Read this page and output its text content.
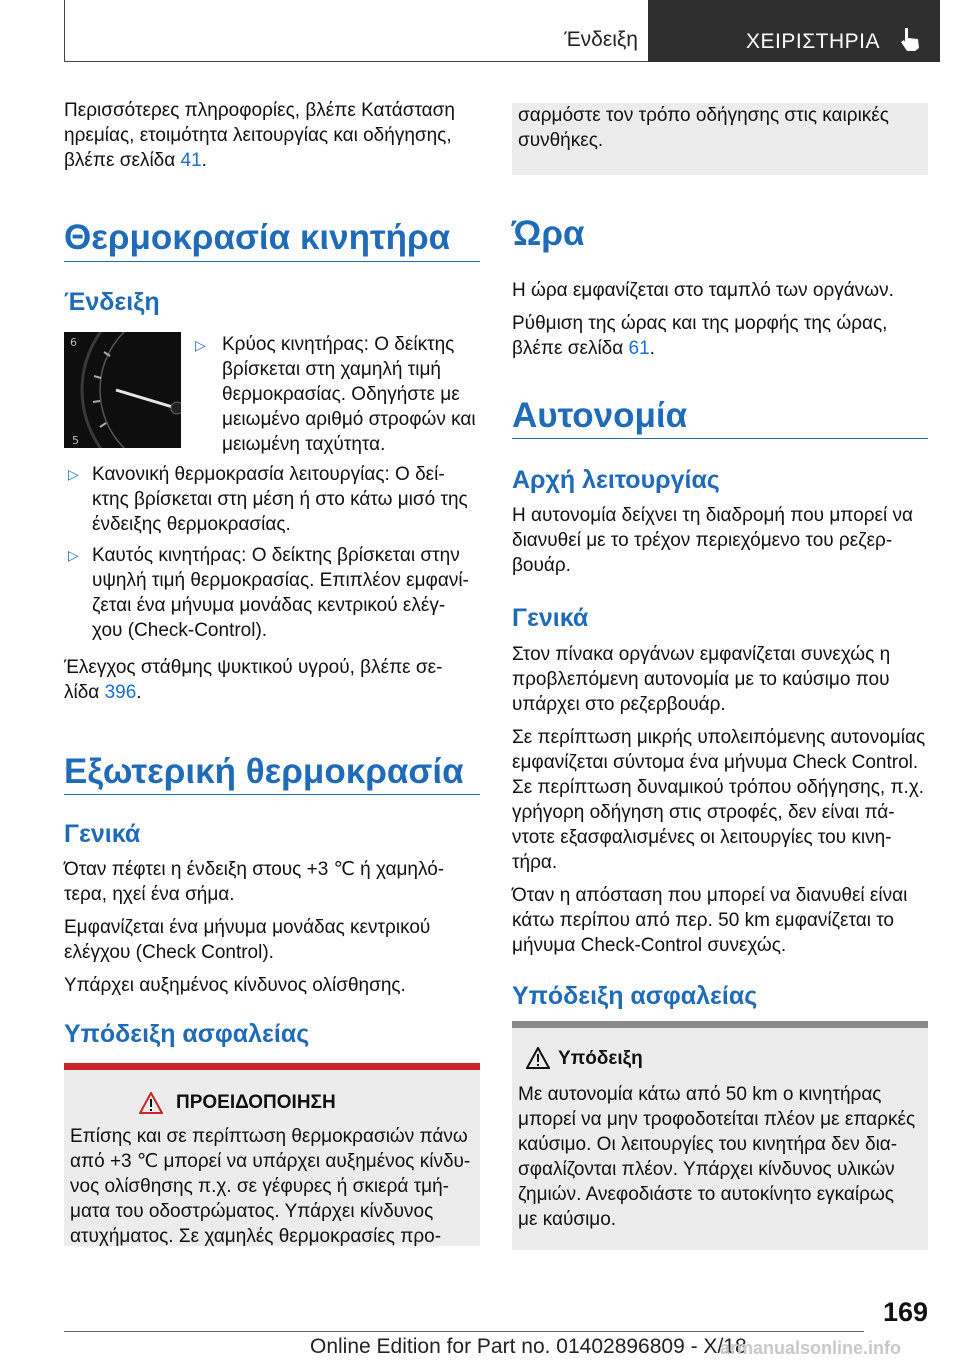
Ένδειξη	ΧΕΙΡΙΣΤΗΡΙΑ

Περισσότερες πληροφορίες, βλέπε Κατάσταση

ηρεμίας, ετοιμότητα λειτουργίας και οδήγησης,

βλέπε σελίδα 41.

Θερμοκρασία κινητήρα
Ένδειξη
6
5
▷ Κρύος κινητήρας: Ο δείκτης

βρίσκεται στη χαμηλή τιμή

θερμοκρασίας. Οδηγήστε με

μειωμένο αριθμό στροφών και

μειωμένη ταχύτητα.

▷ Κανονική θερμοκρασία λειτουργίας: Ο δεί-

κτης βρίσκεται στη μέση ή στο κάτω μισό της

ένδειξης θερμοκρασίας.

▷ Καυτός κινητήρας: Ο δείκτης βρίσκεται στην

υψηλή τιμή θερμοκρασίας. Επιπλέον εμφανί-

ζεται ένα μήνυμα μονάδας κεντρικού ελέγ-

χου (Check-Control).

Έλεγχος στάθμης ψυκτικού υγρού, βλέπε σε-

λίδα 396.

Εξωτερική θερμοκρασία
Γενικά

Όταν πέφτει η ένδειξη στους +3 ℃ ή χαμηλό-

τερα, ηχεί ένα σήμα.

Εμφανίζεται ένα μήνυμα μονάδας κεντρικού

ελέγχου (Check Control).

Υπάρχει αυξημένος κίνδυνος ολίσθησης.

Υπόδειξη ασφαλείας
ΠΡΟΕΙΔΟΠΟΙΗΣΗ

Επίσης και σε περίπτωση θερμοκρασιών πάνω

από +3 ℃ μπορεί να υπάρχει αυξημένος κίνδυ-

νος ολίσθησης π.χ. σε γέφυρες ή σκιερά τμή-

ματα του οδοστρώματος. Υπάρχει κίνδυνος

ατυχήματος. Σε χαμηλές θερμοκρασίες προ-

σαρμόστε τον τρόπο οδήγησης στις καιρικές

συνθήκες.

Ώρα

Η ώρα εμφανίζεται στο ταμπλό των οργάνων.

Ρύθμιση της ώρας και της μορφής της ώρας,

βλέπε σελίδα 61.

Αυτονομία
Αρχή λειτουργίας

Η αυτονομία δείχνει τη διαδρομή που μπορεί να

διανυθεί με το τρέχον περιεχόμενο του ρεζερ-

βουάρ.

Γενικά

Στον πίνακα οργάνων εμφανίζεται συνεχώς η

προβλεπόμενη αυτονομία με το καύσιμο που

υπάρχει στο ρεζερβουάρ.

Σε περίπτωση μικρής υπολειπόμενης αυτονομίας

εμφανίζεται σύντομα ένα μήνυμα Check Control.

Σε περίπτωση δυναμικού τρόπου οδήγησης, π.χ.

γρήγορη οδήγηση στις στροφές, δεν είναι πά-

ντοτε εξασφαλισμένες οι λειτουργίες του κινη-

τήρα.

Όταν η απόσταση που μπορεί να διανυθεί είναι

κάτω περίπου από περ. 50 km εμφανίζεται το

μήνυμα Check-Control συνεχώς.

Υπόδειξη ασφαλείας
Υπόδειξη

Με αυτονομία κάτω από 50 km ο κινητήρας

μπορεί να μην τροφοδοτείται πλέον με επαρκές

καύσιμο. Οι λειτουργίες του κινητήρα δεν δια-

σφαλίζονται πλέον. Υπάρχει κίνδυνος υλικών

ζημιών. Ανεφοδιάστε το αυτοκίνητο εγκαίρως

με καύσιμο.

169
Online Edition for Part no. 01402896809 - X/18
armanualsonline.info
